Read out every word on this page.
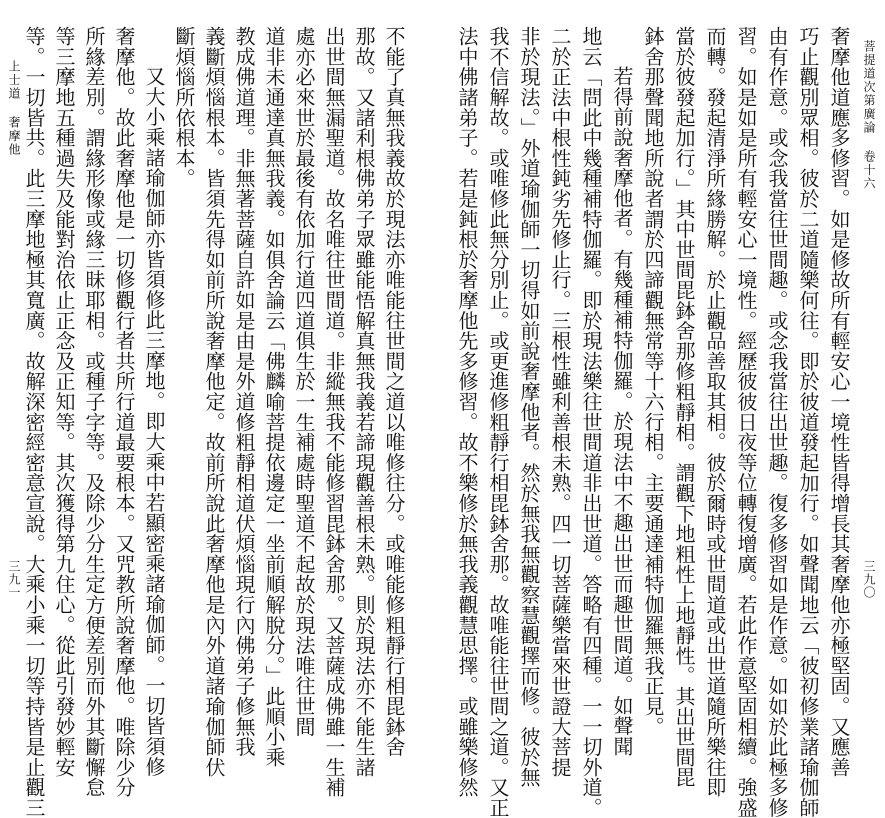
菩提道次第廣論 卷十六
三九〇
奢摩他道應多修習。如是修故所有輕安心一境性皆得增長其奢摩他亦極堅固。又應善
巧止觀別眾相。彼於二道隨樂何往。即於彼道發起加行。如聲聞地云「彼初修業諸瑜伽師
由有作意。或念我當往世間趣。或念我當往出世趣。復多修習如是作意。如如於此極多修
習。如是如是所有輕安心一境性。經歷彼彼日夜等位轉復增廣。若此作意堅固相續。強盛
而轉。發起清淨所緣勝解。於止觀品善取其相。彼於爾時或世間道或出世道隨所樂往即
當於彼發起加行。」其中世間毘鉢舍那修粗靜相。謂觀下地粗性上地靜性。其出世間毘
鉢舍那聲聞地所說者謂於四諦觀無常等十六行相。主要通達補特伽羅無我正見。
若得前說奢摩他者。有幾種補特伽羅。於現法中不趣出世而趣世間道。如聲聞
地云「問此中幾種補特伽羅。即於現法樂往世間道非出世道。答略有四種。一一切外道。
二於正法中根性鈍劣先修止行。三根性雖利善根未熟。四一切菩薩樂當來世證大菩提
非於現法。」外道瑜伽師一切得如前說奢摩他者。然於無我無觀察慧觀擇而修。彼於無
我不信解故。或唯修此無分別止。或更進修粗靜行相毘鉢舍那。故唯能往世間之道。又正
法中佛諸弟子。若是鈍根於奢摩他先多修習。故不樂修於無我義觀慧思擇。或雖樂修然
上士道 奢摩他
三九一	不能了真無我義故於現法亦唯能往世間之道以唯修往分。或唯能修粗靜行相毘鉢舍
那故。又諸利根佛弟子眾雖能悟解真無我義若諦現觀善根未熟。則於現法亦不能生諸
出世間無漏聖道。故名唯往世間道。非縱無我不能修習毘鉢舍那。又菩薩成佛雖一生補
處亦必來世於最後有依加行道四道俱生於一生補處時聖道不起故於現法唯往世間
道非未通達真無我義。如俱舍論云「佛麟喻菩提依邊定一坐前順解脫分。」此順小乘
教成佛道理。非無著菩薩自許如是由是外道修粗靜相道伏煩惱現行內佛弟子修無我
義斷煩惱根本。皆須先得如前所說奢摩他定。故前所說此奢摩他是內外道諸瑜伽師伏
斷煩惱所依根本。
又大小乘諸瑜伽師亦皆須修此三摩地。即大乘中若顯密乘諸瑜伽師。一切皆須修
奢摩他。故此奢摩他是一切修觀行者共所行道最要根本。又咒教所說奢摩他。唯除少分
所緣差別。謂緣形像或緣三昧耶相。或種子字等。及除少分生定方便差別而外其斷懈怠
等三摩地五種過失及能對治依止正念及正知等。其次獲得第九住心。從此引發妙輕安
等。一切皆共。此三摩地極其寬廣。故解深密經密意宣說。大乘小乘一切等持皆是止觀三
